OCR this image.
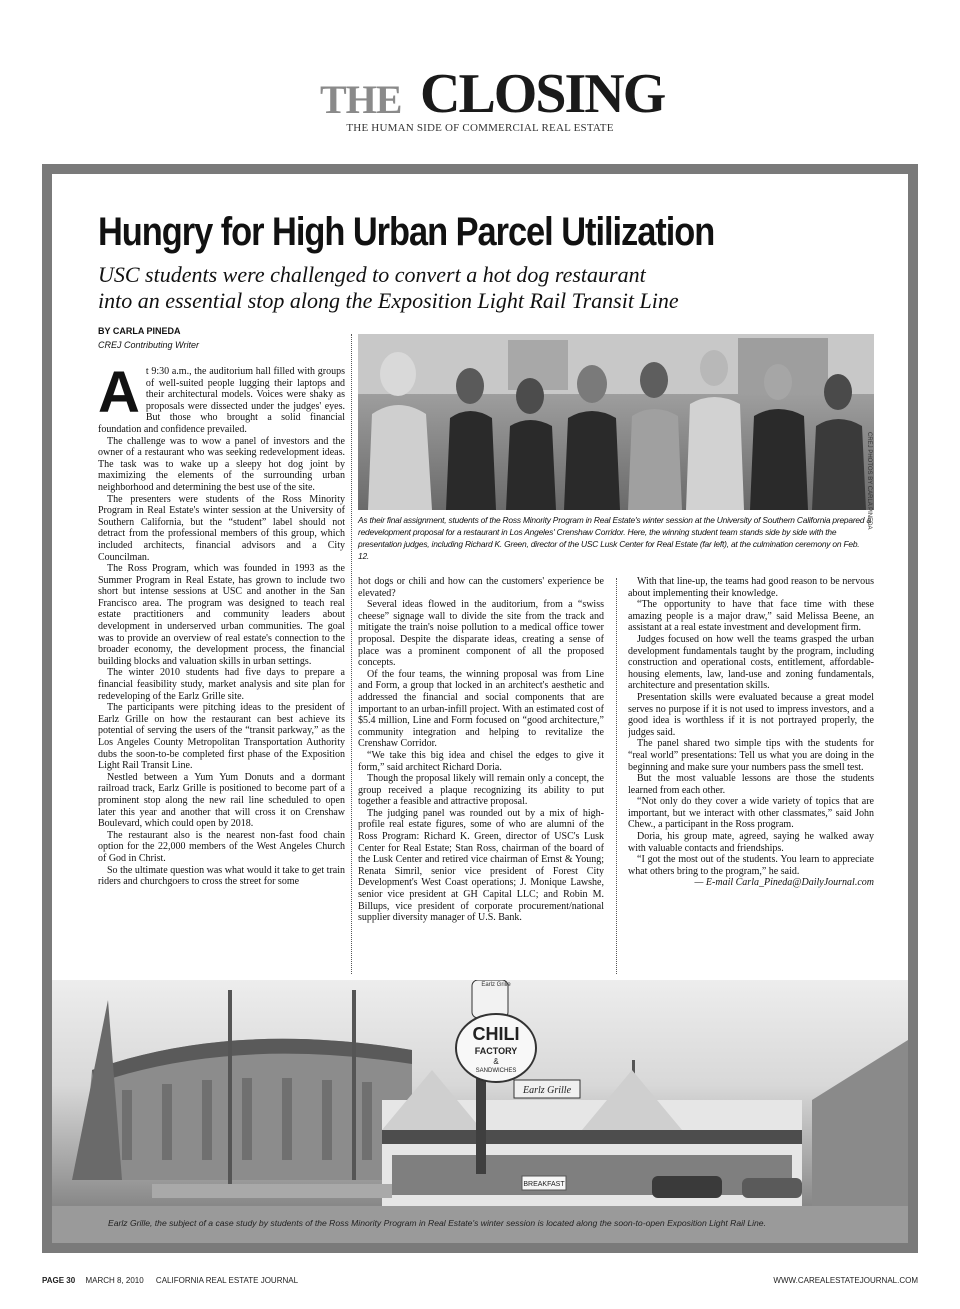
THE CLOSING
THE HUMAN SIDE OF COMMERCIAL REAL ESTATE
Hungry for High Urban Parcel Utilization
USC students were challenged to convert a hot dog restaurant
into an essential stop along the Exposition Light Rail Transit Line
BY CARLA PINEDA
CREJ Contributing Writer

At 9:30 a.m., the auditorium hall filled with groups of well-suited people lugging their laptops and their architectural models. Voices were shaky as proposals were dissected under the judges' eyes. But those who brought a solid financial foundation and confidence prevailed.

The challenge was to wow a panel of investors and the owner of a restaurant who was seeking redevelopment ideas. The task was to wake up a sleepy hot dog joint by maximizing the elements of the surrounding urban neighborhood and determining the best use of the site.

The presenters were students of the Ross Minority Program in Real Estate's winter session at the University of Southern California, but the “student” label should not detract from the professional members of this group, which included architects, financial advisors and a City Councilman.

The Ross Program, which was founded in 1993 as the Summer Program in Real Estate, has grown to include two short but intense sessions at USC and another in the San Francisco area. The program was designed to teach real estate practitioners and community leaders about development in underserved urban communities. The goal was to provide an overview of real estate's connection to the broader economy, the development process, the financial building blocks and valuation skills in urban settings.

The winter 2010 students had five days to prepare a financial feasibility study, market analysis and site plan for redeveloping of the Earlz Grille site.

The participants were pitching ideas to the president of Earlz Grille on how the restaurant can best achieve its potential of serving the users of the “transit parkway,” as the Los Angeles County Metropolitan Transportation Authority dubs the soon-to-be completed first phase of the Exposition Light Rail Transit Line.

Nestled between a Yum Yum Donuts and a dormant railroad track, Earlz Grille is positioned to become part of a prominent stop along the new rail line scheduled to open later this year and another that will cross it on Crenshaw Boulevard, which could open by 2018.

The restaurant also is the nearest non-fast food chain option for the 22,000 members of the West Angeles Church of God in Christ.

So the ultimate question was what would it take to get train riders and churchgoers to cross the street for some

CREJ PHOTOS BY CARLA PINEDA
As their final assignment, students of the Ross Minority Program in Real Estate's winter session at the University of Southern California prepared a redevelopment proposal for a restaurant in Los Angeles' Crenshaw Corridor. Here, the winning student team stands side by side with the presentation judges, including Richard K. Green, director of the USC Lusk Center for Real Estate (far left), at the culmination ceremony on Feb. 12.

hot dogs or chili and how can the customers' experience be elevated?

Several ideas flowed in the auditorium, from a “swiss cheese” signage wall to divide the site from the track and mitigate the train's noise pollution to a medical office tower proposal. Despite the disparate ideas, creating a sense of place was a prominent component of all the proposed concepts.

Of the four teams, the winning proposal was from Line and Form, a group that locked in an architect's aesthetic and addressed the financial and social components that are important to an urban-infill project. With an estimated cost of $5.4 million, Line and Form focused on “good architecture,” community integration and helping to revitalize the Crenshaw Corridor.

“We take this big idea and chisel the edges to give it form,” said architect Richard Doria.

Though the proposal likely will remain only a concept, the group received a plaque recognizing its ability to put together a feasible and attractive proposal.

The judging panel was rounded out by a mix of high-profile real estate figures, some of who are alumni of the Ross Program: Richard K. Green, director of USC's Lusk Center for Real Estate; Stan Ross, chairman of the board of the Lusk Center and retired vice chairman of Ernst & Young; Renata Simril, senior vice president of Forest City Development's West Coast operations; J. Monique Lawshe, senior vice president at GH Capital LLC; and Robin M. Billups, vice president of corporate procurement/national supplier diversity manager of U.S. Bank.

With that line-up, the teams had good reason to be nervous about implementing their knowledge.

“The opportunity to have that face time with these amazing people is a major draw,” said Melissa Beene, an assistant at a real estate investment and development firm.

Judges focused on how well the teams grasped the urban development fundamentals taught by the program, including construction and operational costs, entitlement, affordable-housing elements, law, land-use and zoning fundamentals, architecture and presentation skills.

Presentation skills were evaluated because a great model serves no purpose if it is not used to impress investors, and a good idea is worthless if it is not portrayed properly, the judges said.

The panel shared two simple tips with the students for “real world” presentations: Tell us what you are doing in the beginning and make sure your numbers pass the smell test.

But the most valuable lessons are those the students learned from each other.

“Not only do they cover a wide variety of topics that are important, but we interact with other classmates,” said John Chew., a participant in the Ross program.

Doria, his group mate, agreed, saying he walked away with valuable contacts and friendships.

“I got the most out of the students. You learn to appreciate what others bring to the program,” he said.

— E-mail Carla_Pineda@DailyJournal.com

Earlz Grille
CHILI
FACTORY
&
SANDWICHES
Earlz Grille
BREAKFAST
Earlz Grille, the subject of a case study by students of the Ross Minority Program in Real Estate's winter session is located along the soon-to-open Exposition Light Rail Line.
PAGE 30 MARCH 8, 2010 CALIFORNIA REAL ESTATE JOURNAL	WWW.CAREALESTATEJOURNAL.COM
